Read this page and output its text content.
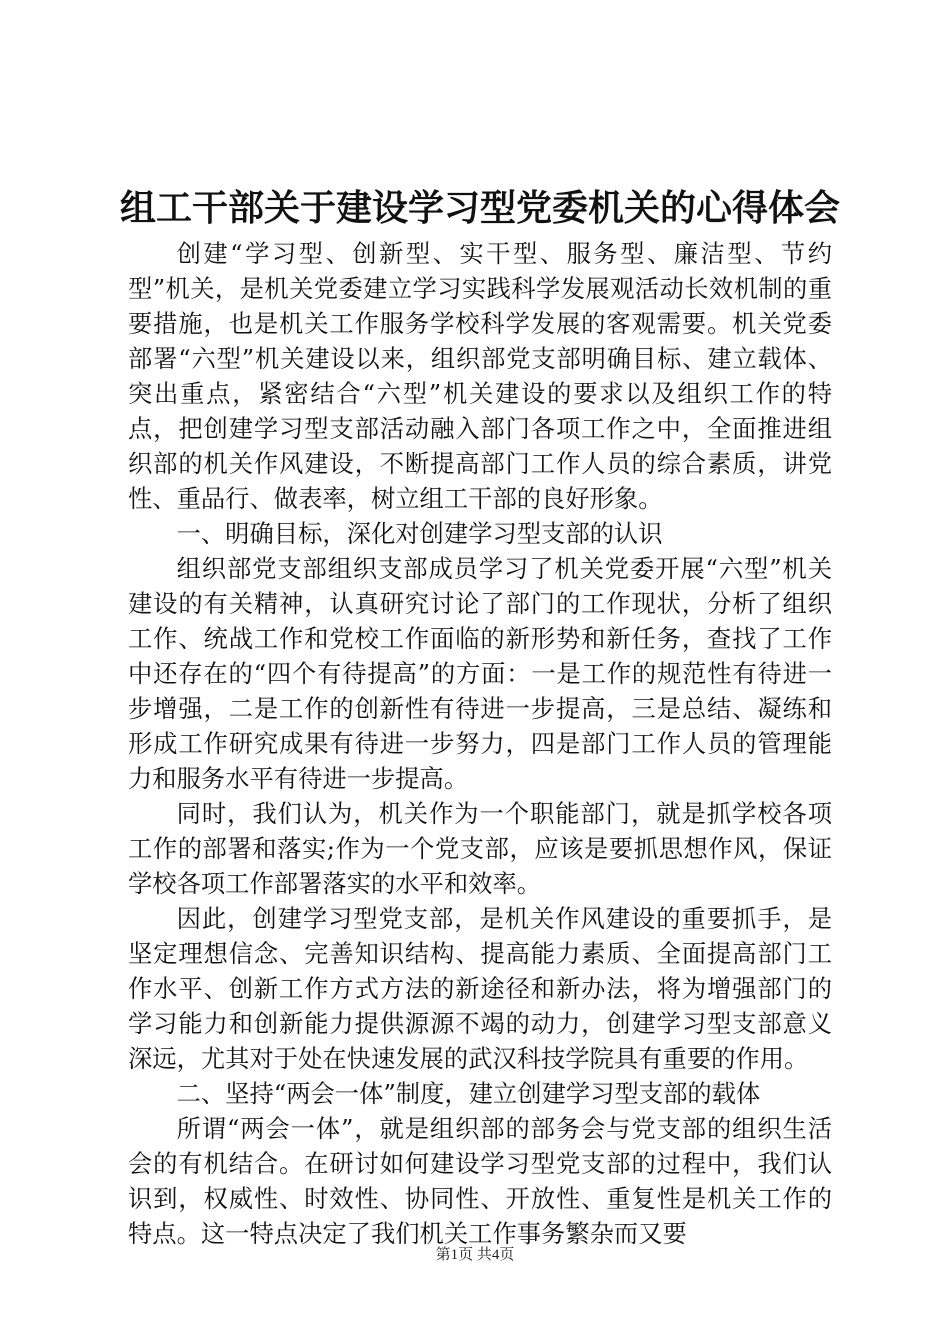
组工干部关于建设学习型党委机关的心得体会

创建“学习型、创新型、实干型、服务型、廉洁型、节约型”机关，是机关党委建立学习实践科学发展观活动长效机制的重要措施，也是机关工作服务学校科学发展的客观需要。机关党委部署“六型”机关建设以来，组织部党支部明确目标、建立载体、突出重点，紧密结合“六型”机关建设的要求以及组织工作的特点，把创建学习型支部活动融入部门各项工作之中，全面推进组织部的机关作风建设，不断提高部门工作人员的综合素质，讲党性、重品行、做表率，树立组工干部的良好形象。

一、明确目标，深化对创建学习型支部的认识

组织部党支部组织支部成员学习了机关党委开展“六型”机关建设的有关精神，认真研究讨论了部门的工作现状，分析了组织工作、统战工作和党校工作面临的新形势和新任务，查找了工作中还存在的“四个有待提高”的方面：一是工作的规范性有待进一步增强，二是工作的创新性有待进一步提高，三是总结、凝练和形成工作研究成果有待进一步努力，四是部门工作人员的管理能力和服务水平有待进一步提高。

同时，我们认为，机关作为一个职能部门，就是抓学校各项工作的部署和落实;作为一个党支部，应该是要抓思想作风，保证学校各项工作部署落实的水平和效率。

因此，创建学习型党支部，是机关作风建设的重要抓手，是坚定理想信念、完善知识结构、提高能力素质、全面提高部门工作水平、创新工作方式方法的新途径和新办法，将为增强部门的学习能力和创新能力提供源源不竭的动力，创建学习型支部意义深远，尤其对于处在快速发展的武汉科技学院具有重要的作用。

二、坚持“两会一体”制度，建立创建学习型支部的载体

所谓“两会一体”，就是组织部的部务会与党支部的组织生活会的有机结合。在研讨如何建设学习型党支部的过程中，我们认识到，权威性、时效性、协同性、开放性、重复性是机关工作的特点。这一特点决定了我们机关工作事务繁杂而又要

第1页 共4页
